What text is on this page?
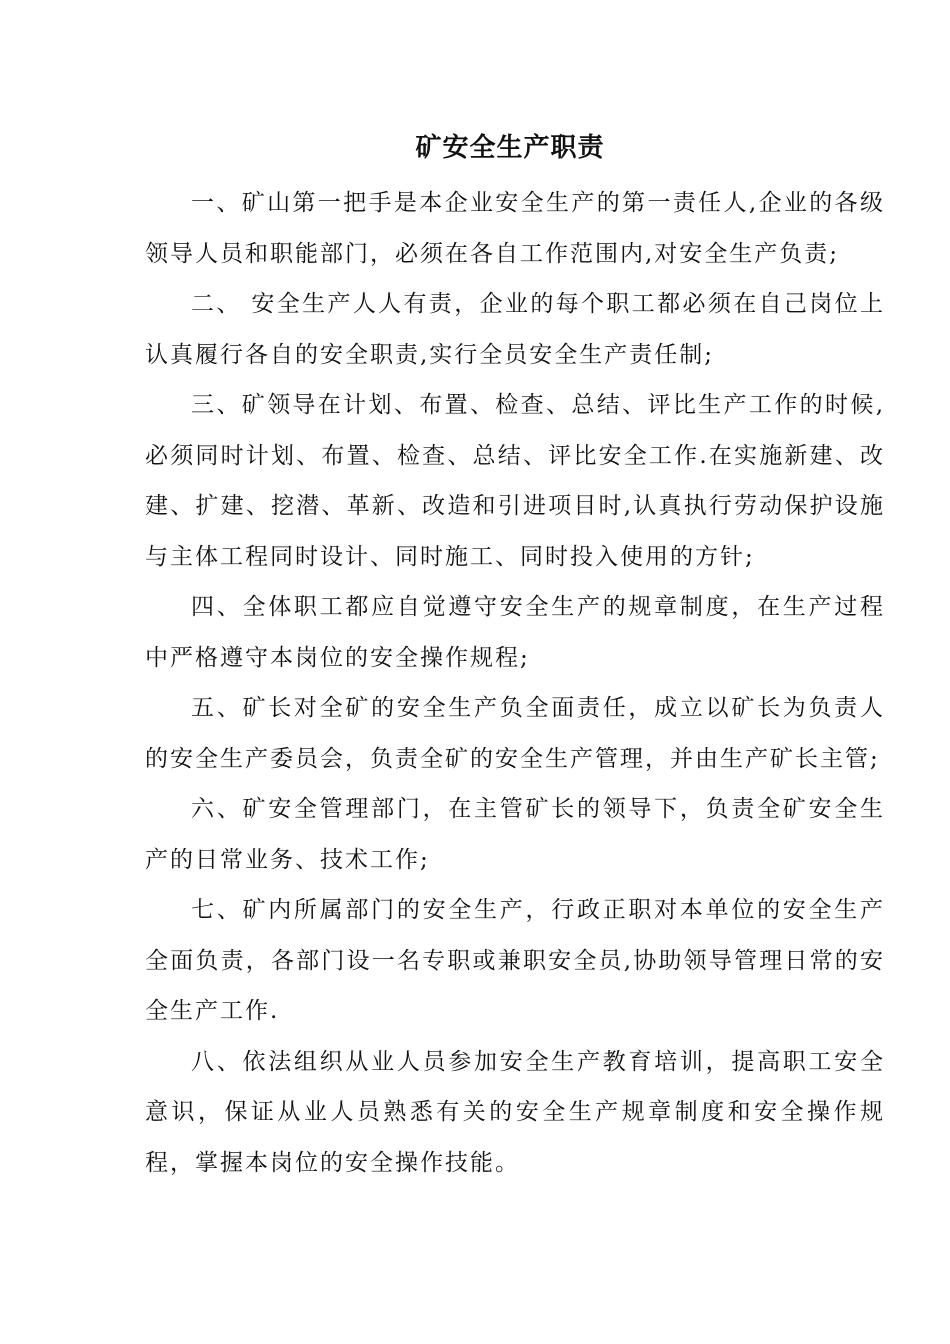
矿安全生产职责

一、矿山第一把手是本企业安全生产的第一责任人,企业的各级领导人员和职能部门，必须在各自工作范围内,对安全生产负责;

二、 安全生产人人有责，企业的每个职工都必须在自己岗位上认真履行各自的安全职责,实行全员安全生产责任制;

三、矿领导在计划、布置、检查、总结、评比生产工作的时候,必须同时计划、布置、检查、总结、评比安全工作.在实施新建、改建、扩建、挖潜、革新、改造和引进项目时,认真执行劳动保护设施与主体工程同时设计、同时施工、同时投入使用的方针;

四、全体职工都应自觉遵守安全生产的规章制度，在生产过程中严格遵守本岗位的安全操作规程;

五、矿长对全矿的安全生产负全面责任，成立以矿长为负责人的安全生产委员会，负责全矿的安全生产管理，并由生产矿长主管;

六、矿安全管理部门，在主管矿长的领导下，负责全矿安全生产的日常业务、技术工作;

七、矿内所属部门的安全生产，行政正职对本单位的安全生产全面负责，各部门设一名专职或兼职安全员,协助领导管理日常的安全生产工作.

八、依法组织从业人员参加安全生产教育培训，提高职工安全意识，保证从业人员熟悉有关的安全生产规章制度和安全操作规程，掌握本岗位的安全操作技能。
